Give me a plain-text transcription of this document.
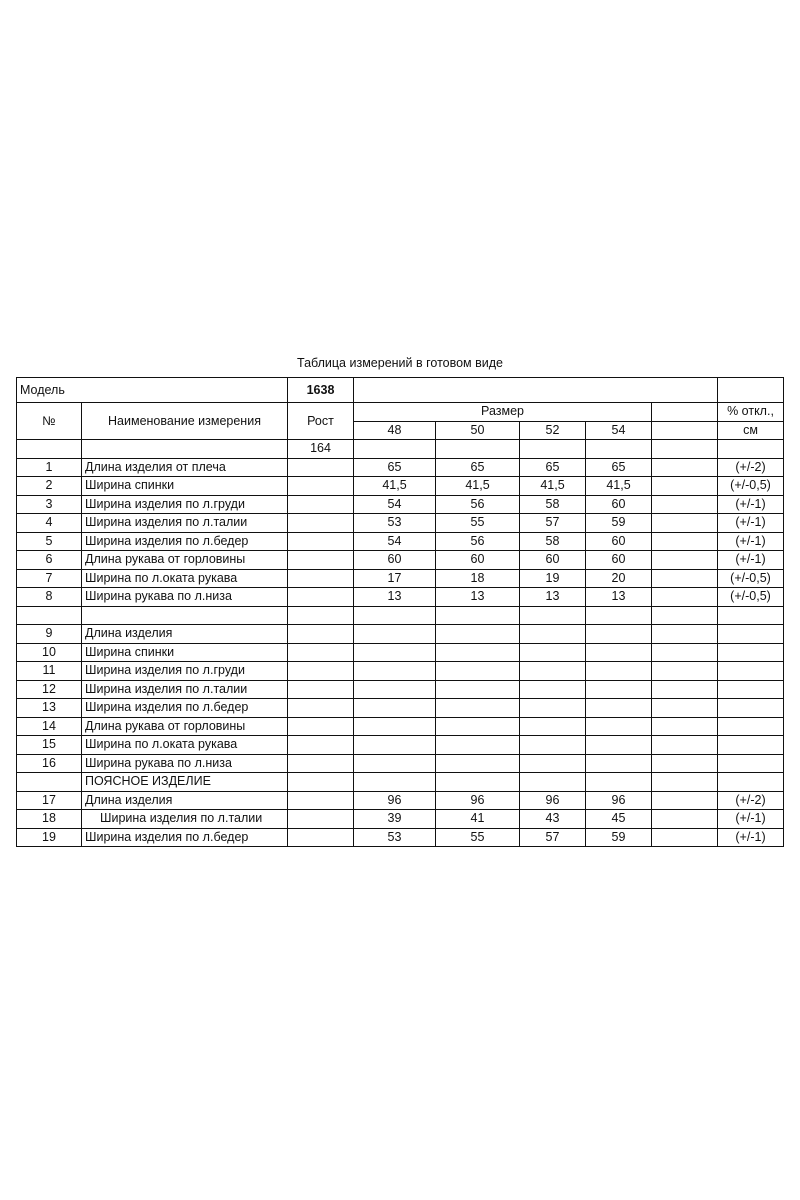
Таблица измерений в готовом виде
Модель		1638						
№	Наименование измерения	Рост	Размер					% откл.,
			48	50	52	54		см
		164						
1	Длина изделия от плеча		65	65	65	65		(+/-2)
2	Ширина спинки		41,5	41,5	41,5	41,5		(+/-0,5)
3	Ширина изделия по л.груди		54	56	58	60		(+/-1)
4	Ширина изделия по л.талии		53	55	57	59		(+/-1)
5	Ширина изделия по л.бедер		54	56	58	60		(+/-1)
6	Длина рукава от горловины		60	60	60	60		(+/-1)
7	Ширина по л.оката рукава		17	18	19	20		(+/-0,5)
8	Ширина рукава по л.низа		13	13	13	13		(+/-0,5)

9	Длина изделия							
10	Ширина спинки							
11	Ширина изделия по л.груди							
12	Ширина изделия по л.талии							
13	Ширина изделия по л.бедер							
14	Длина рукава от горловины							
15	Ширина по л.оката рукава							
16	Ширина рукава по л.низа							
	ПОЯСНОЕ ИЗДЕЛИЕ							
17	Длина изделия		96	96	96	96		(+/-2)
18	Ширина изделия по л.талии		39	41	43	45		(+/-1)
19	Ширина изделия по л.бедер		53	55	57	59		(+/-1)
